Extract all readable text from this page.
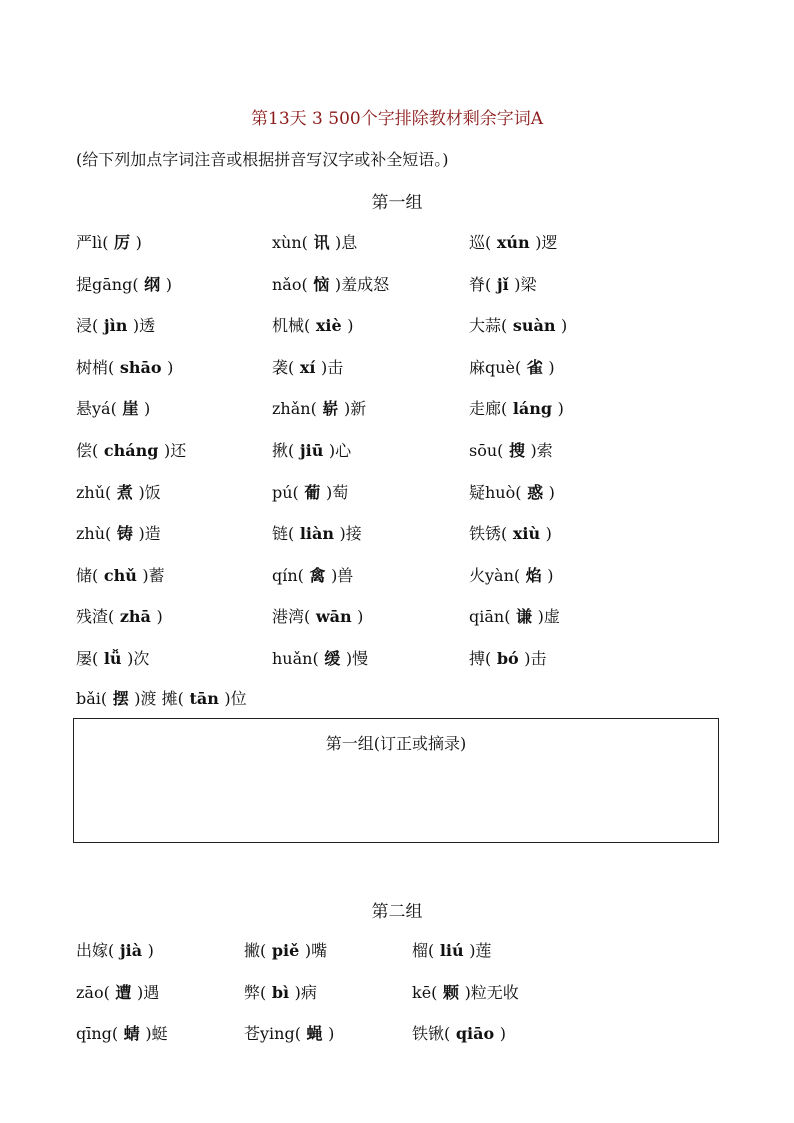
第13天 3 500个字排除教材剩余字词A
(给下列加点字词注音或根据拼音写汉字或补全短语。)
第一组
严lì( 厉 )	xùn( 讯 )息	巡( xún )逻
提gāng( 纲 )	nǎo( 恼 )羞成怒	脊( jǐ )梁
浸( jìn )透	机械( xiè )	大蒜( suàn )
树梢( shāo )	袭( xí )击	麻què( 雀 )
悬yá( 崖 )	zhǎn( 崭 )新	走廊( láng )
偿( cháng )还	揪( jiū )心	sōu( 搜 )索
zhǔ( 煮 )饭	pú( 葡 )萄	疑huò( 惑 )
zhù( 铸 )造	链( liàn )接	铁锈( xiù )
储( chǔ )蓄	qín( 禽 )兽	火yàn( 焰 )
残渣( zhā )	港湾( wān )	qiān( 谦 )虚
屡( lǚ )次	huǎn( 缓 )慢	搏( bó )击
bǎi( 摆 )渡 摊( tān )位
第一组(订正或摘录)
第二组
出嫁( jià )	撇( piě )嘴	榴( liú )莲
zāo( 遭 )遇	弊( bì )病	kē( 颗 )粒无收
qīng( 蜻 )蜓	苍ying( 蝇 )	铁锹( qiāo )
